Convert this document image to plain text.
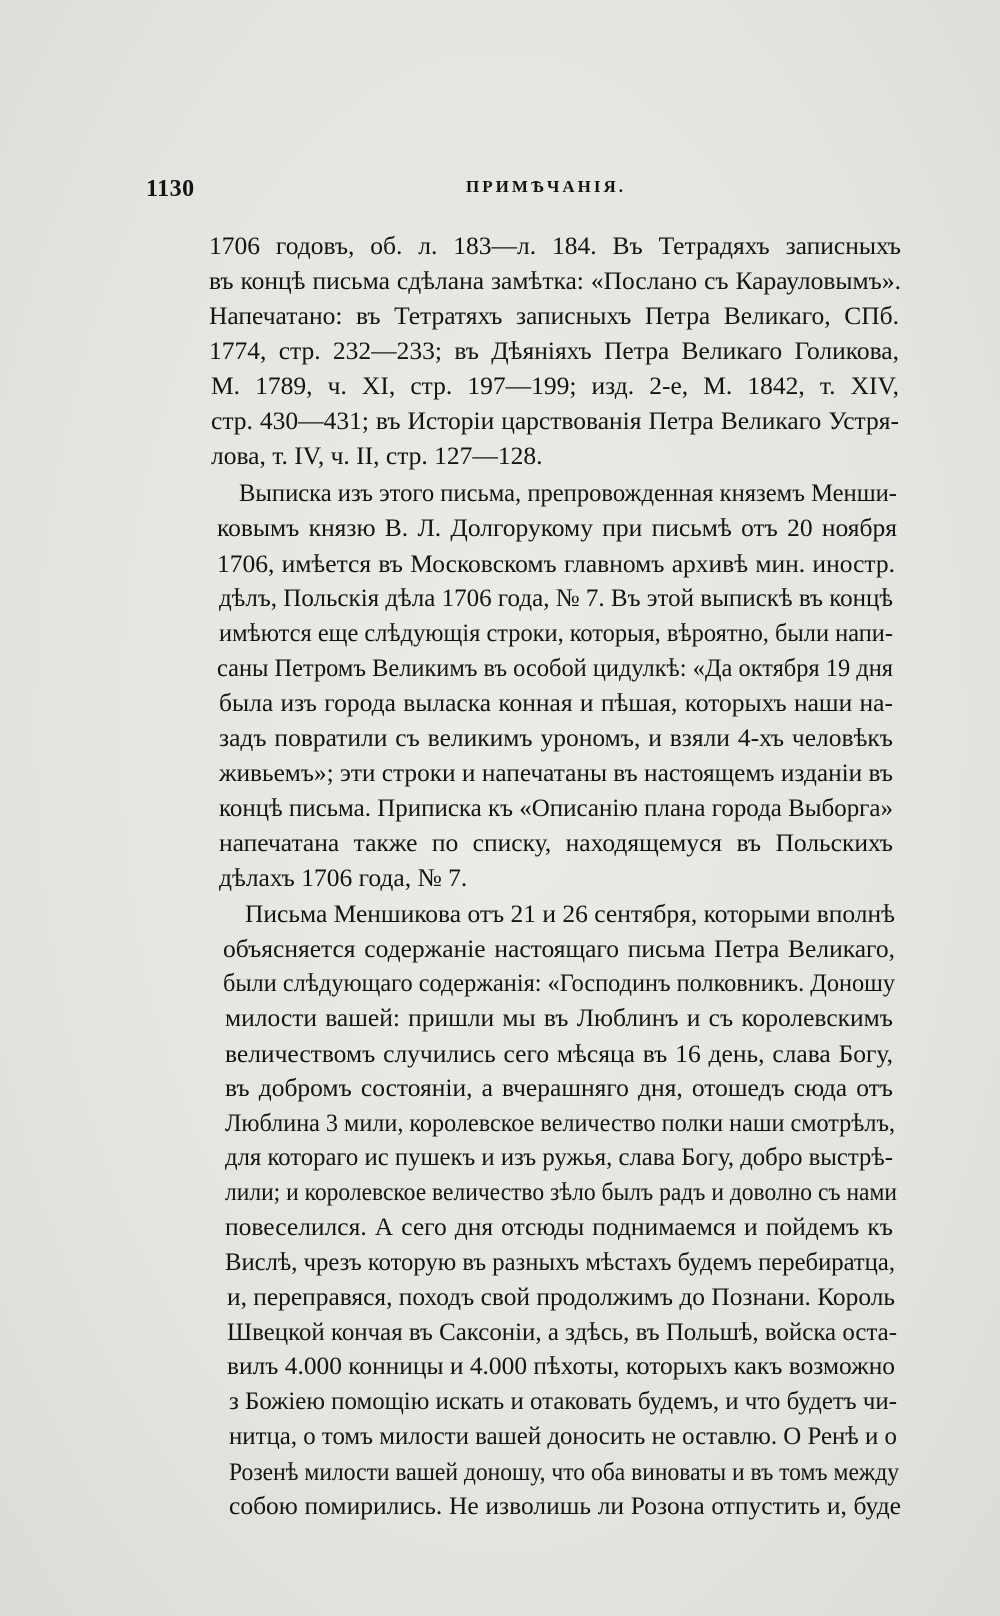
1130	ПРИМѢЧАНІЯ.
1706 годовъ, об. л. 183—л. 184. Въ Тетрадяхъ записныхъ
въ концѣ письма сдѣлана замѣтка: «Послано съ Карауловымъ».
Напечатано: въ Тетратяхъ записныхъ Петра Великаго, СПб.
1774, стр. 232—233; въ Дѣяніяхъ Петра Великаго Голикова,
М. 1789, ч. XI, стр. 197—199; изд. 2-е, М. 1842, т. XIV,
стр. 430—431; въ Исторіи царствованія Петра Великаго Устря-
лова, т. IV, ч. II, стр. 127—128.
Выписка изъ этого письма, препровожденная княземъ Менши-
ковымъ князю В. Л. Долгорукому при письмѣ отъ 20 ноября
1706, имѣется въ Московскомъ главномъ архивѣ мин. иностр.
дѣлъ, Польскія дѣла 1706 года, № 7. Въ этой выпискѣ въ концѣ
имѣются еще слѣдующія строки, которыя, вѣроятно, были напи-
саны Петромъ Великимъ въ особой цидулкѣ: «Да октября 19 дня
была изъ города выласка конная и пѣшая, которыхъ наши на-
задъ повратили съ великимъ урономъ, и взяли 4-хъ человѣкъ
живьемъ»; эти строки и напечатаны въ настоящемъ изданіи въ
концѣ письма. Приписка къ «Описанію плана города Выборга»
напечатана также по списку, находящемуся въ Польскихъ
дѣлахъ 1706 года, № 7.
Письма Меншикова отъ 21 и 26 сентября, которыми вполнѣ
объясняется содержаніе настоящаго письма Петра Великаго,
были слѣдующаго содержанія: «Господинъ полковникъ. Доношу
милости вашей: пришли мы въ Люблинъ и съ королевскимъ
величествомъ случились сего мѣсяца въ 16 день, слава Богу,
въ добромъ состояніи, а вчерашняго дня, отошедъ сюда отъ
Люблина 3 мили, королевское величество полки наши смотрѣлъ,
для котораго ис пушекъ и изъ ружья, слава Богу, добро выстрѣ-
лили; и королевское величество зѣло былъ радъ и доволно съ нами
повеселился. А сего дня отсюды поднимаемся и пойдемъ къ
Вислѣ, чрезъ которую въ разныхъ мѣстахъ будемъ перебиратца,
и, переправяся, походъ свой продолжимъ до Познани. Король
Швецкой кончая въ Саксоніи, а здѣсь, въ Польшѣ, войска оста-
вилъ 4.000 конницы и 4.000 пѣхоты, которыхъ какъ возможно
з Божіею помощію искать и отаковать будемъ, и что будетъ чи-
нитца, о томъ милости вашей доносить не оставлю. О Ренѣ и о
Розенѣ милости вашей доношу, что оба виноваты и въ томъ между
собою помирились. Не изволишь ли Розона отпустить и, буде
